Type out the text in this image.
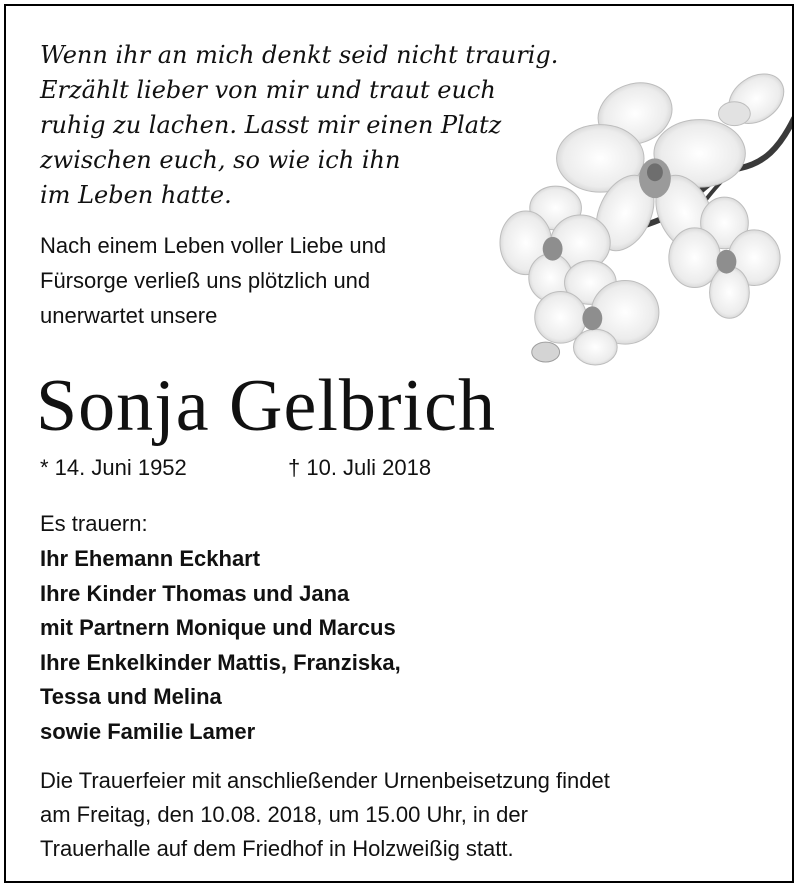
Wenn ihr an mich denkt seid nicht traurig.
Erzählt lieber von mir und traut euch
ruhig zu lachen. Lasst mir einen Platz
zwischen euch, so wie ich ihn
im Leben hatte.
Nach einem Leben voller Liebe und
Fürsorge verließ uns plötzlich und
unerwartet unsere
Sonja Gelbrich
* 14. Juni 1952	† 10. Juli 2018
Es trauern:
Ihr Ehemann Eckhart
Ihre Kinder Thomas und Jana
mit Partnern Monique und Marcus
Ihre Enkelkinder Mattis, Franziska,
Tessa und Melina
sowie Familie Lamer
Die Trauerfeier mit anschließender Urnenbeisetzung findet
am Freitag, den 10.08. 2018, um 15.00 Uhr, in der
Trauerhalle auf dem Friedhof in Holzweißig statt.
